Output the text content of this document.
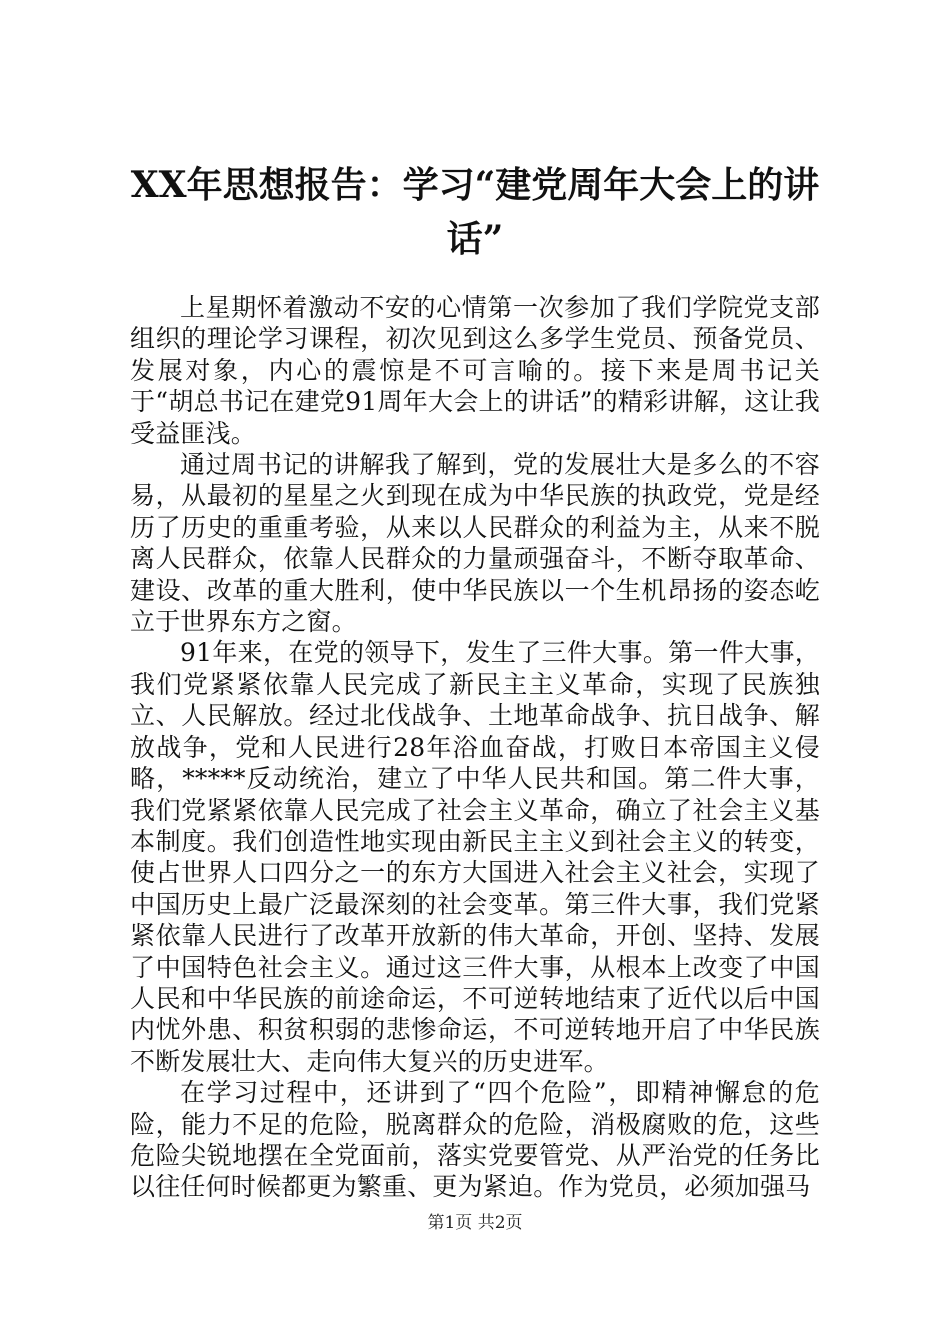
XX年思想报告：学习“建党周年大会上的讲话”

上星期怀着激动不安的心情第一次参加了我们学院党支部组织的理论学习课程，初次见到这么多学生党员、预备党员、发展对象，内心的震惊是不可言喻的。接下来是周书记关于“胡总书记在建党91周年大会上的讲话”的精彩讲解，这让我受益匪浅。

通过周书记的讲解我了解到，党的发展壮大是多么的不容易，从最初的星星之火到现在成为中华民族的执政党，党是经历了历史的重重考验，从来以人民群众的利益为主，从来不脱离人民群众，依靠人民群众的力量顽强奋斗，不断夺取革命、建设、改革的重大胜利，使中华民族以一个生机昂扬的姿态屹立于世界东方之窗。

91年来，在党的领导下，发生了三件大事。第一件大事，我们党紧紧依靠人民完成了新民主主义革命，实现了民族独立、人民解放。经过北伐战争、土地革命战争、抗日战争、解放战争，党和人民进行28年浴血奋战，打败日本帝国主义侵略，*****反动统治，建立了中华人民共和国。第二件大事，我们党紧紧依靠人民完成了社会主义革命，确立了社会主义基本制度。我们创造性地实现由新民主主义到社会主义的转变，使占世界人口四分之一的东方大国进入社会主义社会，实现了中国历史上最广泛最深刻的社会变革。第三件大事，我们党紧紧依靠人民进行了改革开放新的伟大革命，开创、坚持、发展了中国特色社会主义。通过这三件大事，从根本上改变了中国人民和中华民族的前途命运，不可逆转地结束了近代以后中国内忧外患、积贫积弱的悲惨命运，不可逆转地开启了中华民族不断发展壮大、走向伟大复兴的历史进军。

在学习过程中，还讲到了“四个危险”，即精神懈怠的危险，能力不足的危险，脱离群众的危险，消极腐败的危，这些危险尖锐地摆在全党面前，落实党要管党、从严治党的任务比以往任何时候都更为繁重、更为紧迫。作为党员，必须加强马

第1页 共2页
